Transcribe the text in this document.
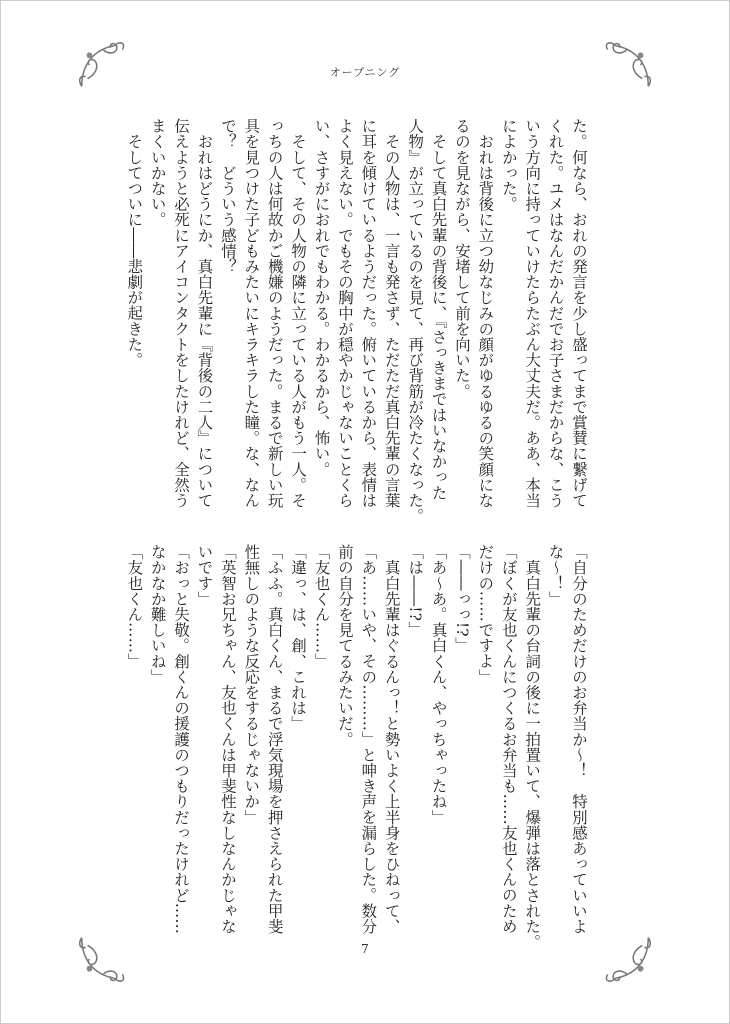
オープニング
た。何なら、おれの発言を少し盛ってまで賞賛に繋げて
くれた。ユメはなんだかんだでお子さまだからな、こう
いう方向に持っていけたらたぶん大丈夫だ。ああ、本当
によかった。
　おれは背後に立つ幼なじみの顔がゆるゆるの笑顔にな
るのを見ながら、安堵して前を向いた。
　そして真白先輩の背後に、『さっきまではいなかった
人物』が立っているのを見て、再び背筋が冷たくなった。
　その人物は、一言も発さず、ただただ真白先輩の言葉
に耳を傾けているようだった。俯いているから、表情は
よく見えない。でもその胸中が穏やかじゃないことくら
い、さすがにおれでもわかる。わかるから、怖い。
　そして、その人物の隣に立っている人がもう一人。そ
っちの人は何故かご機嫌のようだった。まるで新しい玩
具を見つけた子どもみたいにキラキラした瞳。な、なん
で？　どういう感情？
　おれはどうにか、真白先輩に『背後の二人』について
伝えようと必死にアイコンタクトをしたけれど、全然う
まくいかない。
　そしてついに――悲劇が起きた。
「自分のためだけのお弁当か～！　特別感あっていいよ
な～！」
　真白先輩の台詞の後に一拍置いて、爆弾は落とされた。
「ぼくが友也くんにつくるお弁当も……友也くんのため
だけの……ですよ」
「――っっ!?」
「あ～あ。真白くん、やっちゃったね」
「は――!?」
　真白先輩はぐるんっ！と勢いよく上半身をひねって、
「あ……いや、その………」と呻き声を漏らした。数分
前の自分を見てるみたいだ。
「友也くん……」
「違っ、は、創、これは」
「ふふ。真白くん、まるで浮気現場を押さえられた甲斐
性無しのような反応をするじゃないか」
「英智お兄ちゃん、友也くんは甲斐性なしなんかじゃな
いです」
「おっと失敬。創くんの援護のつもりだったけれど……
なかなか難しいね」
「友也くん……」
7
